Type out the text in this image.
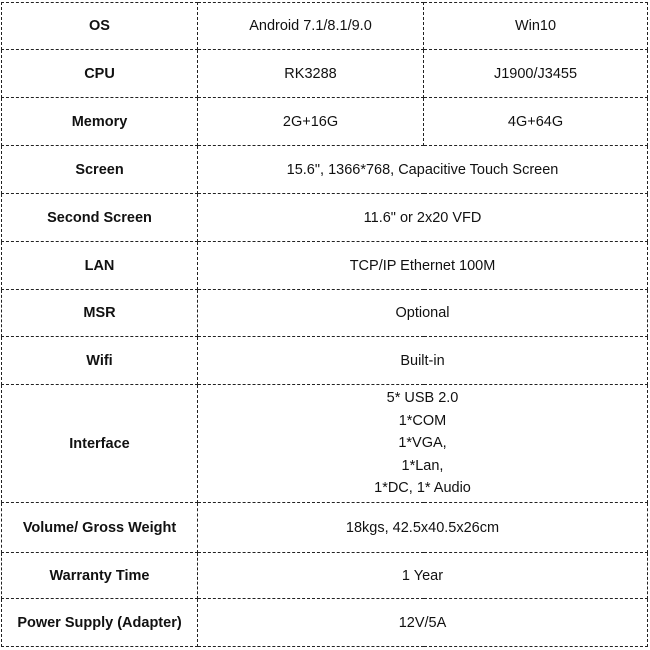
OS	Android 7.1/8.1/9.0	Win10
CPU	RK3288	J1900/J3455
Memory	2G+16G	4G+64G
Screen	15.6", 1366*768, Capacitive Touch Screen	
Second Screen	11.6" or 2x20 VFD	
LAN	TCP/IP Ethernet 100M	
MSR	Optional	
Wifi	Built-in	
Interface	5* USB 2.0
1*COM
1*VGA,
1*Lan,
1*DC, 1* Audio	

Volume/ Gross Weight	18kgs, 42.5x40.5x26cm	
Warranty Time	1 Year	
Power Supply (Adapter)	12V/5A	
